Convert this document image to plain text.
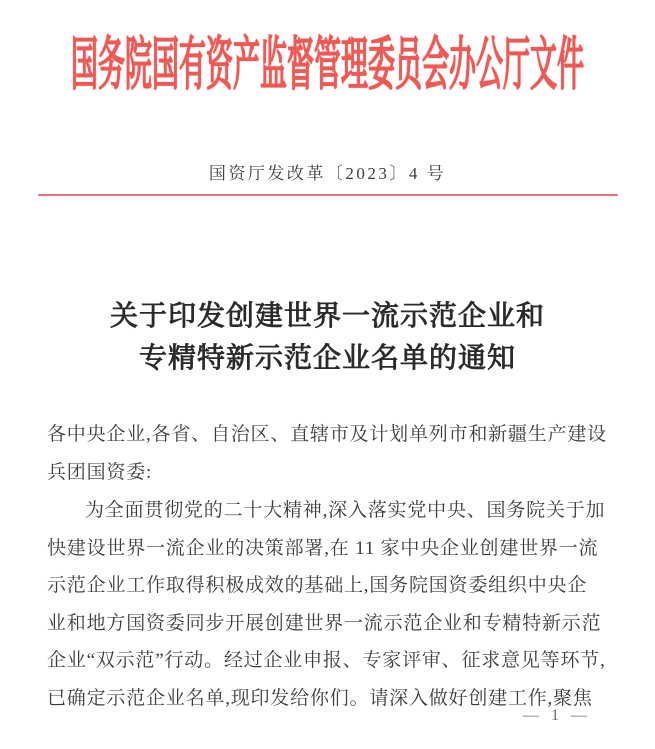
国务院国有资产监督管理委员会办公厅文件
国资厅发改革〔2023〕4 号
关于印发创建世界一流示范企业和
专精特新示范企业名单的通知
各中央企业,各省、自治区、直辖市及计划单列市和新疆生产建设
兵团国资委:
为全面贯彻党的二十大精神,深入落实党中央、国务院关于加
快建设世界一流企业的决策部署,在 11 家中央企业创建世界一流
示范企业工作取得积极成效的基础上,国务院国资委组织中央企
业和地方国资委同步开展创建世界一流示范企业和专精特新示范
企业“双示范”行动。经过企业申报、专家评审、征求意见等环节,
已确定示范企业名单,现印发给你们。请深入做好创建工作,聚焦
— 1 —
